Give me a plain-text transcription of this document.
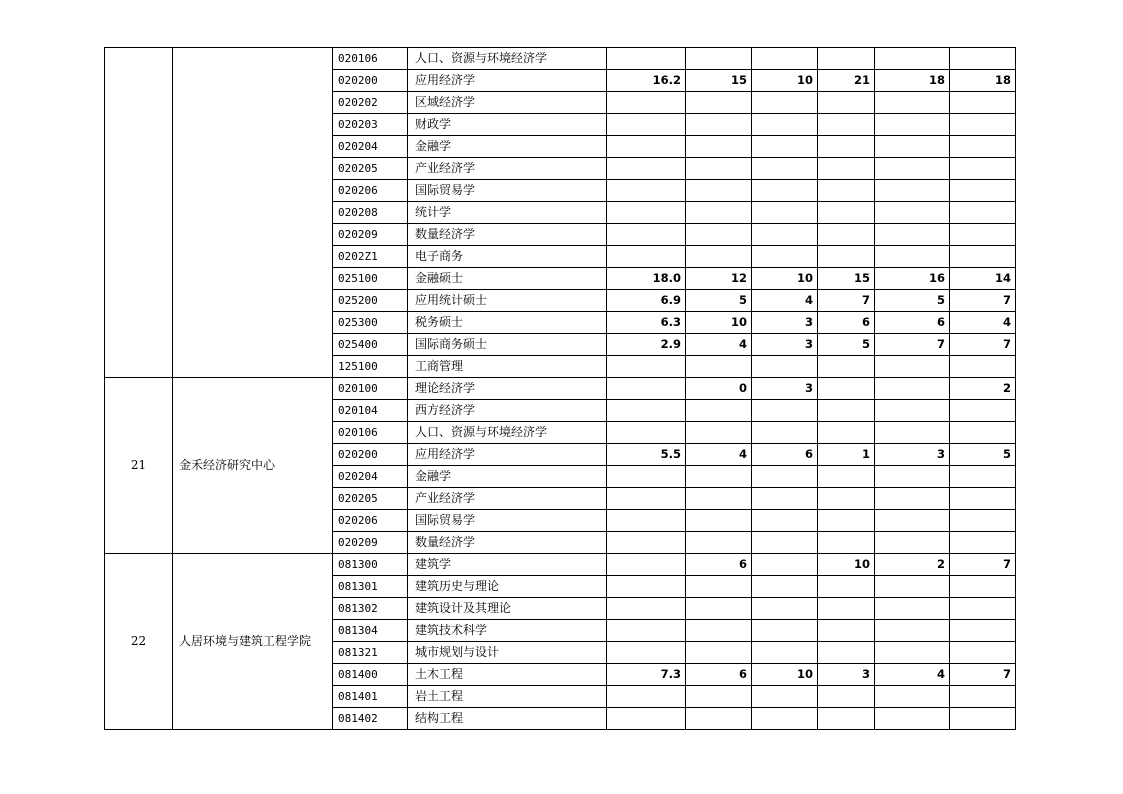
		020106	人口、资源与环境经济学						
		020200	应用经济学	16.2	15	10	21	18	18
		020202	区域经济学						
		020203	财政学						
		020204	金融学						
		020205	产业经济学						
		020206	国际贸易学						
		020208	统计学						
		020209	数量经济学						
		0202Z1	电子商务						
		025100	金融硕士	18.0	12	10	15	16	14
		025200	应用统计硕士	6.9	5	4	7	5	7
		025300	税务硕士	6.3	10	3	6	6	4
		025400	国际商务硕士	2.9	4	3	5	7	7
		125100	工商管理						
21	金禾经济研究中心	020100	理论经济学		0	3			2
		020104	西方经济学						
		020106	人口、资源与环境经济学						
		020200	应用经济学	5.5	4	6	1	3	5
		020204	金融学						
		020205	产业经济学						
		020206	国际贸易学						
		020209	数量经济学						
22	人居环境与建筑工程学院	081300	建筑学		6		10	2	7
		081301	建筑历史与理论						
		081302	建筑设计及其理论						
		081304	建筑技术科学						
		081321	城市规划与设计						
		081400	土木工程	7.3	6	10	3	4	7
		081401	岩土工程						
		081402	结构工程						
